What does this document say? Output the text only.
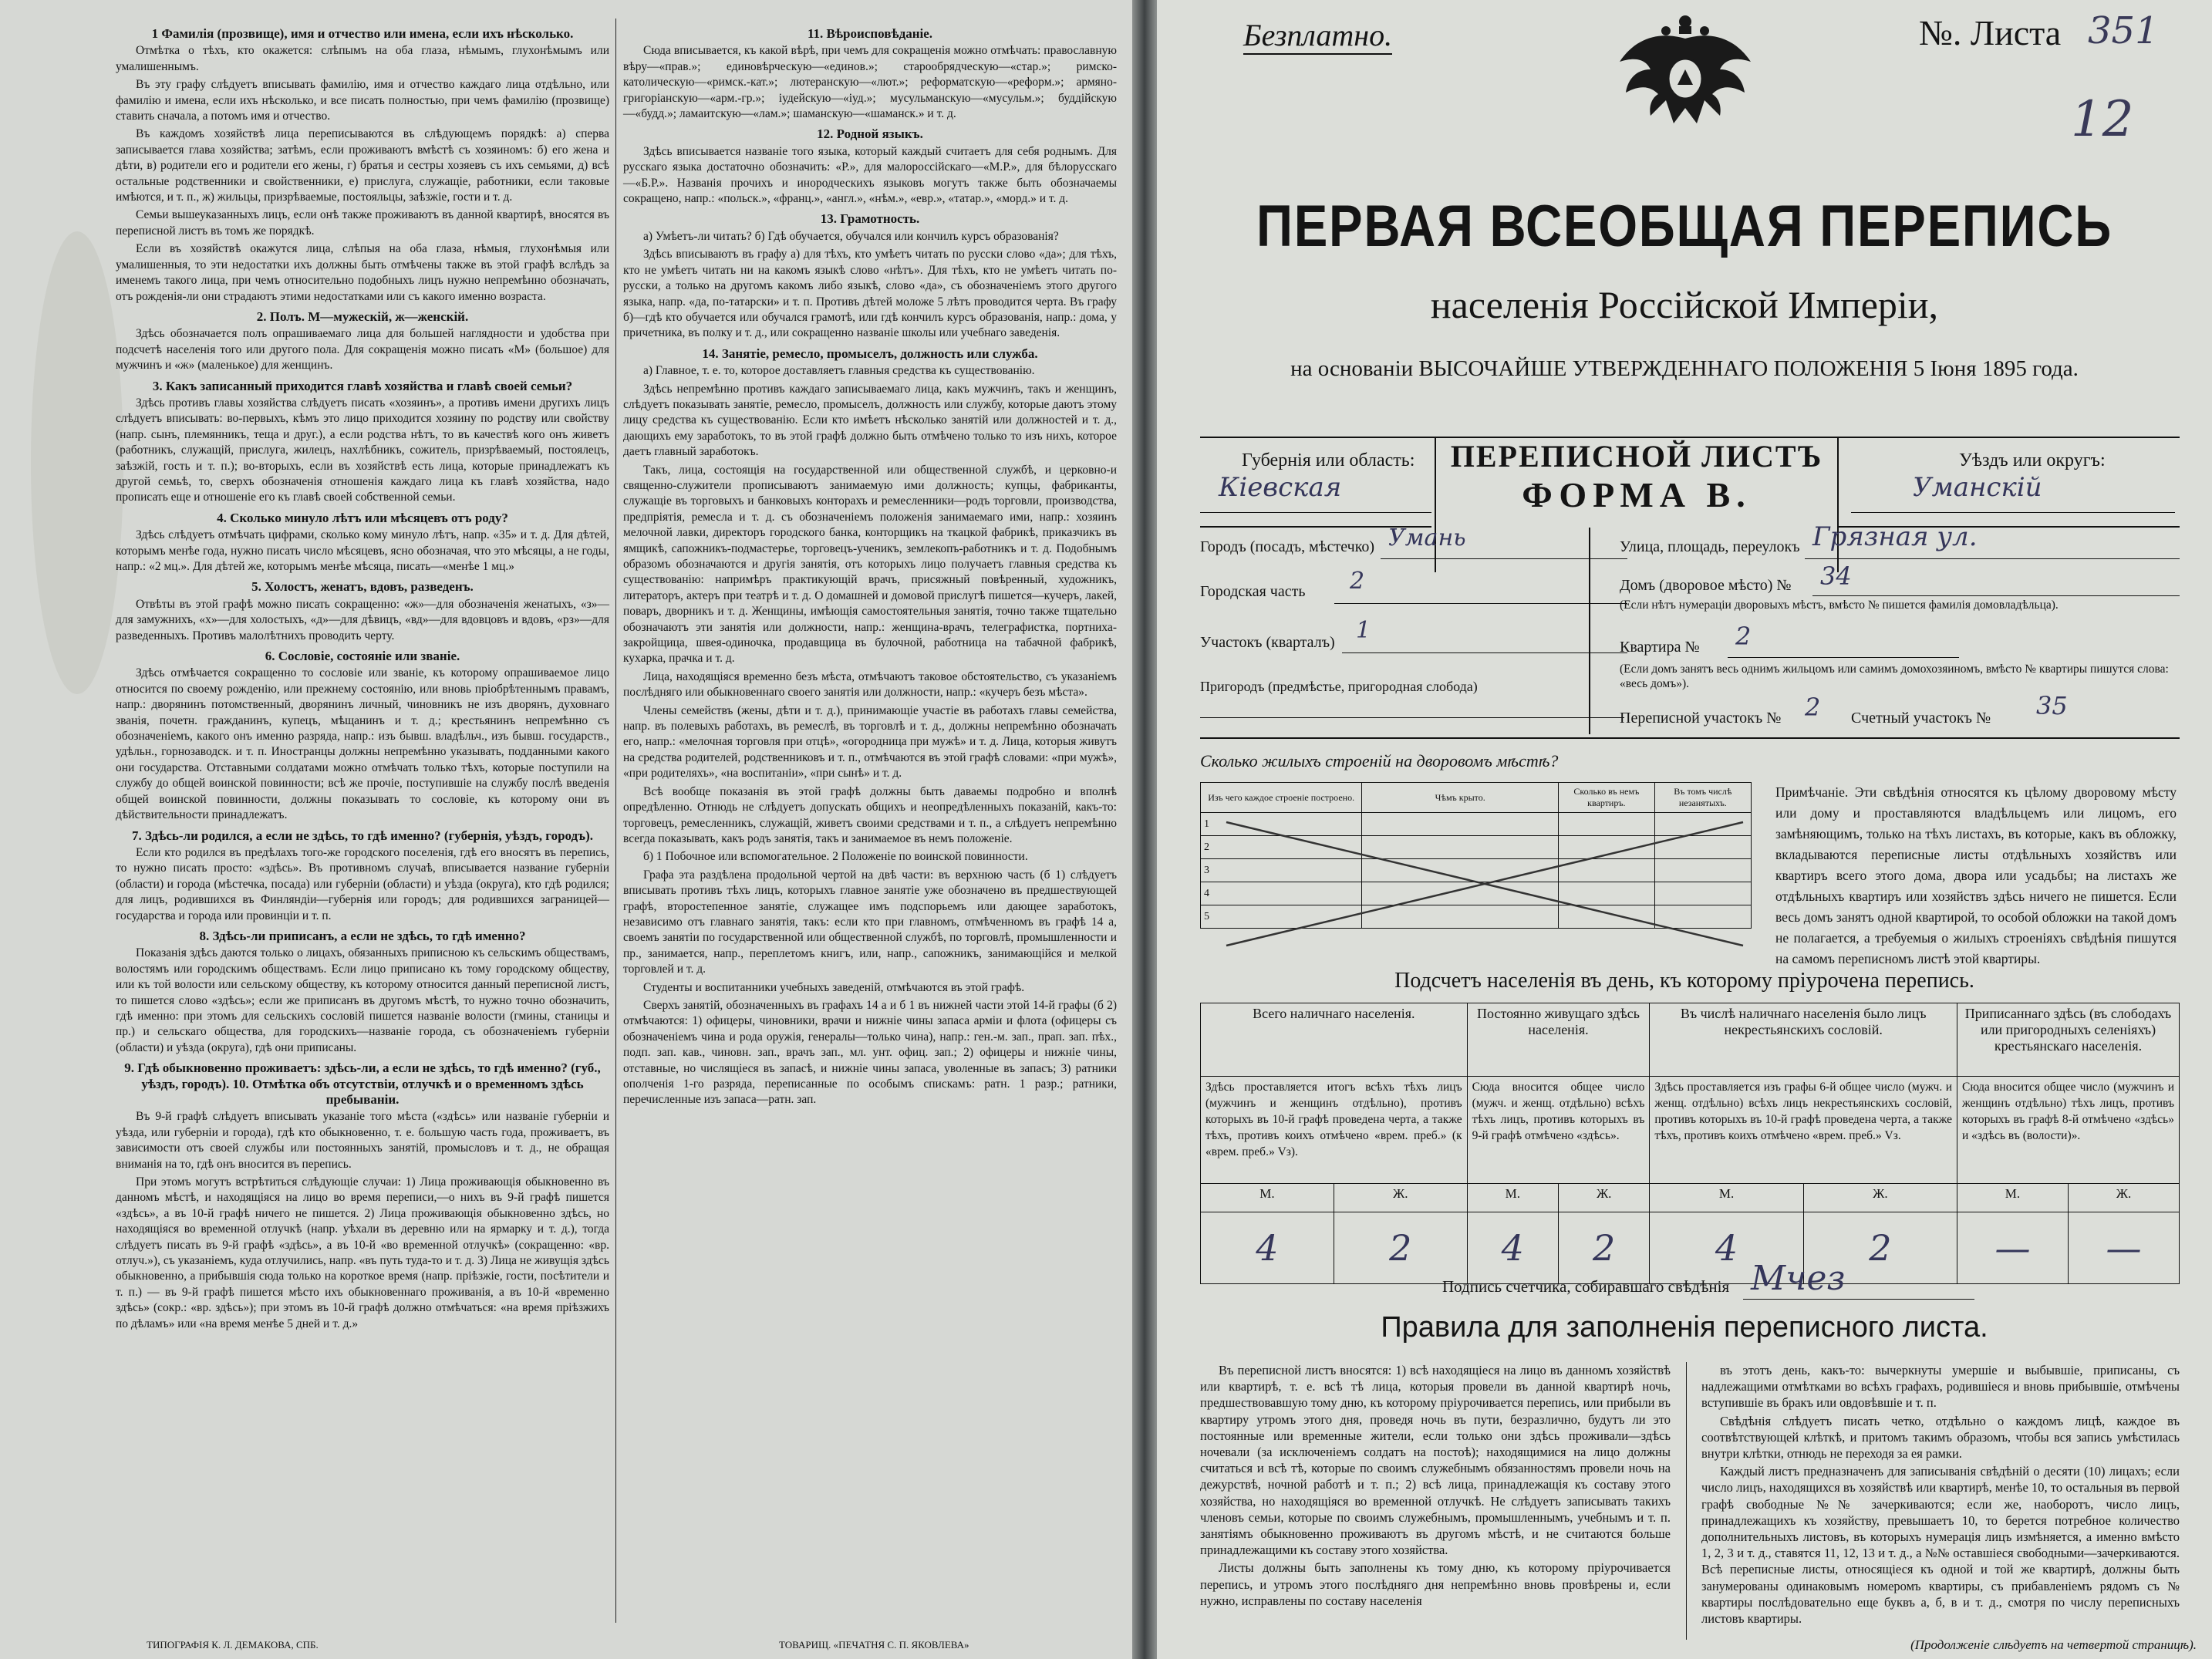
1 Фамилія (прозвище), имя и отчество или имена, если ихъ нѣсколько.

Отмѣтка о тѣхъ, кто окажется: слѣпымъ на оба глаза, нѣмымъ, глухонѣмымъ или умалишеннымъ.

Въ эту графу слѣдуетъ вписывать фамилію, имя и отчество каждаго лица отдѣльно, или фамилію и имена, если ихъ нѣсколько, и все писать полностью, при чемъ фамилію (прозвище) ставить сначала, а потомъ имя и отчество.

Въ каждомъ хозяйствѣ лица переписываются въ слѣдующемъ порядкѣ: а) сперва записывается глава хозяйства; затѣмъ, если проживаютъ вмѣстѣ съ хозяиномъ: б) его жена и дѣти, в) родители его и родители его жены, г) братья и сестры хозяевъ съ ихъ семьями, д) всѣ остальные родственники и свойственники, е) прислуга, служащіе, работники, если таковые имѣются, и т. п., ж) жильцы, призрѣваемые, постояльцы, заѣзжіе, гости и т. д.

Семьи вышеуказанныхъ лицъ, если онѣ также проживаютъ въ данной квартирѣ, вносятся въ переписной листъ въ томъ же порядкѣ.

Если въ хозяйствѣ окажутся лица, слѣпыя на оба глаза, нѣмыя, глухонѣмыя или умалишенныя, то эти недостатки ихъ должны быть отмѣчены также въ этой графѣ вслѣдъ за именемъ такого лица, при чемъ относительно подобныхъ лицъ нужно непремѣнно обозначать, отъ рожденія-ли они страдаютъ этими недостатками или съ какого именно возраста.

2. Полъ. М—мужескій, ж—женскій.

Здѣсь обозначается полъ опрашиваемаго лица для большей наглядности и удобства при подсчетѣ населенія того или другого пола. Для сокращенія можно писать «М» (большое) для мужчинъ и «ж» (маленькое) для женщинъ.

3. Какъ записанный приходится главѣ хозяйства и главѣ своей семьи?

Здѣсь противъ главы хозяйства слѣдуетъ писать «хозяинъ», а противъ имени другихъ лицъ слѣдуетъ вписывать: во-первыхъ, кѣмъ это лицо приходится хозяину по родству или свойству (напр. сынъ, племянникъ, теща и друг.), а если родства нѣтъ, то въ качествѣ кого онъ живетъ (работникъ, служащій, прислуга, жилецъ, нахлѣбникъ, сожитель, призрѣваемый, постоялецъ, заѣзжій, гость и т. п.); во-вторыхъ, если въ хозяйствѣ есть лица, которые принадлежатъ къ другой семьѣ, то, сверхъ обозначенія отношенія каждаго лица къ главѣ хозяйства, надо прописать еще и отношеніе его къ главѣ своей собственной семьи.

4. Сколько минуло лѣтъ или мѣсяцевъ отъ роду?

Здѣсь слѣдуетъ отмѣчать цифрами, сколько кому минуло лѣтъ, напр. «35» и т. д. Для дѣтей, которымъ менѣе года, нужно писать число мѣсяцевъ, ясно обозначая, что это мѣсяцы, а не годы, напр.: «2 мц.». Для дѣтей же, которымъ менѣе мѣсяца, писать—«менѣе 1 мц.»

5. Холостъ, женатъ, вдовъ, разведенъ.

Отвѣты въ этой графѣ можно писать сокращенно: «ж»—для обозначенія женатыхъ, «з»—для замужнихъ, «х»—для холостыхъ, «д»—для дѣвицъ, «вд»—для вдовцовъ и вдовъ, «рз»—для разведенныхъ. Противъ малолѣтнихъ проводить черту.

6. Сословіе, состояніе или званіе.

Здѣсь отмѣчается сокращенно то сословіе или званіе, къ которому опрашиваемое лицо относится по своему рожденію, или прежнему состоянію, или вновь пріобрѣтеннымъ правамъ, напр.: дворянинъ потомственный, дворянинъ личный, чиновникъ не изъ дворянъ, духовнаго званія, почетн. гражданинъ, купецъ, мѣщанинъ и т. д.; крестьянинъ непремѣнно съ обозначеніемъ, какого онъ именно разряда, напр.: изъ бывш. владѣльч., изъ бывш. государств., удѣльн., горнозаводск. и т. п. Иностранцы должны непремѣнно указывать, подданными какого они государства. Отставными солдатами можно отмѣчать только тѣхъ, которые поступили на службу до общей воинской повинности; всѣ же прочіе, поступившіе на службу послѣ введенія общей воинской повинности, должны показывать то сословіе, къ которому они въ дѣйствительности принадлежатъ.

7. Здѣсь-ли родился, а если не здѣсь, то гдѣ именно? (губернія, уѣздъ, городъ).

Если кто родился въ предѣлахъ того-же городского поселенія, гдѣ его вносятъ въ перепись, то нужно писать просто: «здѣсь». Въ противномъ случаѣ, вписывается название губерніи (области) и города (мѣстечка, посада) или губерніи (области) и уѣзда (округа), кто гдѣ родился; для лицъ, родившихся въ Финляндіи—губернія или городъ; для родившихся заграницей—государства и города или провинціи и т. п.

8. Здѣсь-ли приписанъ, а если не здѣсь, то гдѣ именно?

Показанія здѣсь даются только о лицахъ, обязанныхъ приписною къ сельскимъ обществамъ, волостямъ или городскимъ обществамъ. Если лицо приписано къ тому городскому обществу, или къ той волости или сельскому обществу, къ которому относится данный переписной листъ, то пишется слово «здѣсь»; если же приписанъ въ другомъ мѣстѣ, то нужно точно обозначить, гдѣ именно: при этомъ для сельскихъ сословій пишется названіе волости (гмины, станицы и пр.) и сельскаго общества, для городскихъ—названіе города, съ обозначеніемъ губерніи (области) и уѣзда (округа), гдѣ они приписаны.

9. Гдѣ обыкновенно проживаетъ: здѣсь-ли, а если не здѣсь, то гдѣ именно? (губ., уѣздъ, городъ). 10. Отмѣтка объ отсутствіи, отлучкѣ и о временномъ здѣсь пребываніи.

Въ 9-й графѣ слѣдуетъ вписывать указаніе того мѣста («здѣсь» или названіе губерніи и уѣзда, или губерніи и города), гдѣ кто обыкновенно, т. е. большую часть года, проживаетъ, въ зависимости отъ своей службы или постоянныхъ занятій, промысловъ и т. д., не обращая вниманія на то, гдѣ онъ вносится въ перепись.

При этомъ могутъ встрѣтиться слѣдующіе случаи: 1) Лица проживающія обыкновенно въ данномъ мѣстѣ, и находящіяся на лицо во время переписи,—о нихъ въ 9-й графѣ пишется «здѣсь», а въ 10-й графѣ ничего не пишется. 2) Лица проживающія обыкновенно здѣсь, но находящіяся во временной отлучкѣ (напр. уѣхали въ деревню или на ярмарку и т. д.), тогда слѣдуетъ писать въ 9-й графѣ «здѣсь», а въ 10-й «во временной отлучкѣ» (сокращенно: «вр. отлуч.»), съ указаніемъ, куда отлучились, напр. «въ путь туда-то и т. д. 3) Лица не живущія здѣсь обыкновенно, а прибывшія сюда только на короткое время (напр. пріѣзжіе, гости, посѣтители и т. п.) — въ 9-й графѣ пишется мѣсто ихъ обыкновеннаго проживанія, а въ 10-й «временно здѣсь» (сокр.: «вр. здѣсь»); при этомъ въ 10-й графѣ должно отмѣчаться: «на время пріѣзжихъ по дѣламъ» или «на время менѣе 5 дней и т. д.»

11. Вѣроисповѣданіе.

Сюда вписывается, къ какой вѣрѣ, при чемъ для сокращенія можно отмѣчать: православную вѣру—«прав.»; единовѣрческую—«единов.»; старообрядческую—«стар.»; римско-католическую—«римск.-кат.»; лютеранскую—«лют.»; реформатскую—«реформ.»; армяно-григоріанскую—«арм.-гр.»; іудейскую—«іуд.»; мусульманскую—«мусульм.»; буддійскую—«будд.»; ламаитскую—«лам.»; шаманскую—«шаманск.» и т. д.

12. Родной языкъ.

Здѣсь вписывается названіе того языка, который каждый считаетъ для себя роднымъ. Для русскаго языка достаточно обозначить: «Р.», для малороссійскаго—«М.Р.», для бѣлорусскаго—«Б.Р.». Названія прочихъ и инородческихъ языковъ могутъ также быть обозначаемы сокращено, напр.: «польск.», «франц.», «англ.», «нѣм.», «евр.», «татар.», «морд.» и т. д.

13. Грамотность.

а) Умѣетъ-ли читать? б) Гдѣ обучается, обучался или кончилъ курсъ образованія?

Здѣсь вписываютъ въ графу а) для тѣхъ, кто умѣетъ читать по русски слово «да»; для тѣхъ, кто не умѣетъ читать ни на какомъ языкѣ слово «нѣтъ». Для тѣхъ, кто не умѣетъ читать по-русски, а только на другомъ какомъ либо языкѣ, слово «да», съ обозначеніемъ этого другого языка, напр. «да, по-татарски» и т. п. Противъ дѣтей моложе 5 лѣтъ проводится черта. Въ графу б)—гдѣ кто обучается или обучался грамотѣ, или гдѣ кончилъ курсъ образованія, напр.: дома, у причетника, въ полку и т. д., или сокращенно названіе школы или учебнаго заведенія.

14. Занятіе, ремесло, промыселъ, должность или служба.

а) Главное, т. е. то, которое доставляетъ главныя средства къ существованію.

Здѣсь непремѣнно противъ каждаго записываемаго лица, какъ мужчинъ, такъ и женщинъ, слѣдуетъ показывать занятіе, ремесло, промыселъ, должность или службу, которые даютъ этому лицу средства къ существованію. Если кто имѣетъ нѣсколько занятій или должностей и т. д., дающихъ ему заработокъ, то въ этой графѣ должно быть отмѣчено только то изъ нихъ, которое даетъ главный заработокъ.

Такъ, лица, состоящія на государственной или общественной службѣ, и церковно-и священно-служители прописываютъ занимаемую ими должность; купцы, фабриканты, служащіе въ торговыхъ и банковыхъ конторахъ и ремесленники—родъ торговли, производства, предпріятія, ремесла и т. д. съ обозначеніемъ положенія занимаемаго ими, напр.: хозяинъ мелочной лавки, директоръ городского банка, конторщикъ на ткацкой фабрикѣ, приказчикъ въ ямщикѣ, сапожникъ-подмастерье, торговецъ-ученикъ, землекопъ-работникъ и т. д. Подобнымъ образомъ обозначаются и другія занятія, отъ которыхъ лицо получаетъ главныя средства къ существованію: напримѣръ практикующій врачъ, присяжный повѣренный, художникъ, литераторъ, актеръ при театрѣ и т. д. О домашней и домовой прислугѣ пишется—кучеръ, лакей, поваръ, дворникъ и т. д. Женщины, имѣющія самостоятельныя занятія, точно также тщательно обозначаютъ эти занятія или должности, напр.: женщина-врачъ, телеграфистка, портниха-закройщица, швея-одиночка, продавщица въ булочной, работница на табачной фабрикѣ, кухарка, прачка и т. д.

Лица, находящіяся временно безъ мѣста, отмѣчаютъ таковое обстоятельство, съ указаніемъ послѣдняго или обыкновеннаго своего занятія или должности, напр.: «кучеръ безъ мѣста».

Члены семействъ (жены, дѣти и т. д.), принимающіе участіе въ работахъ главы семейства, напр. въ полевыхъ работахъ, въ ремеслѣ, въ торговлѣ и т. д., должны непремѣнно обозначать его, напр.: «мелочная торговля при отцѣ», «огородница при мужѣ» и т. д. Лица, которыя живутъ на средства родителей, родственниковъ и т. п., отмѣчаются въ этой графѣ словами: «при мужѣ», «при родителяхъ», «на воспитаніи», «при сынѣ» и т. д.

Всѣ вообще показанія въ этой графѣ должны быть даваемы подробно и вполнѣ опредѣленно. Отнюдь не слѣдуетъ допускать общихъ и неопредѣленныхъ показаній, какъ-то: торговецъ, ремесленникъ, служащій, живетъ своими средствами и т. п., а слѣдуетъ непремѣнно всегда показывать, какъ родъ занятія, такъ и занимаемое въ немъ положеніе.

б) 1 Побочное или вспомогательное. 2 Положеніе по воинской повинности.

Графа эта раздѣлена продольной чертой на двѣ части: въ верхнюю часть (б 1) слѣдуетъ вписывать противъ тѣхъ лицъ, которыхъ главное занятіе уже обозначено въ предшествующей графѣ, второстепенное занятіе, служащее имъ подспорьемъ или дающее заработокъ, независимо отъ главнаго занятія, такъ: если кто при главномъ, отмѣченномъ въ графѣ 14 а, своемъ занятіи по государственной или общественной службѣ, по торговлѣ, промышленности и пр., занимается, напр., переплетомъ книгъ, или, напр., сапожникъ, занимающійся и мелкой торговлей и т. д.

Студенты и воспитанники учебныхъ заведеній, отмѣчаются въ этой графѣ.

Сверхъ занятій, обозначенныхъ въ графахъ 14 а и б 1 въ нижней части этой 14-й графы (б 2) отмѣчаются: 1) офицеры, чиновники, врачи и нижніе чины запаса арміи и флота (офицеры съ обозначеніемъ чина и рода оружія, генералы—только чина), напр.: ген.-м. зап., прап. зап. пѣх., подп. зап. кав., чиновн. зап., врачъ зап., мл. унт. офиц. зап.; 2) офицеры и нижніе чины, отставные, но числящіеся въ запасѣ, и нижніе чины запаса, уволенные въ запасъ; 3) ратники ополченія 1-го разряда, переписанные по особымъ спискамъ: ратн. 1 разр.; ратники, перечисленные изъ запаса—ратн. зап.

ТИПОГРАФІЯ К. Л. ДЕМАКОВА, СПБ.	ТОВАРИЩ. «ПЕЧАТНЯ С. П. ЯКОВЛЕВА»
Безплатно.	№. Листа 351
12
ПЕРВАЯ ВСЕОБЩАЯ ПЕРЕПИСЬ
населенія Россійской Имперіи,
на основаніи ВЫСОЧАЙШЕ УТВЕРЖДЕННАГО ПОЛОЖЕНІЯ 5 Іюня 1895 года.
Губернія или область:
Кіевская
ПЕРЕПИСНОЙ ЛИСТЪ
ФОРМА В.
Уѣздъ или округъ:
Уманскій
Городъ (посадъ, мѣстечко) Умань
Городская часть 2
Участокъ (кварталъ) 1
Пригородъ (предмѣстье, пригородная слобода)
Улица, площадь, переулокъ Грязная ул.
Домъ (дворовое мѣсто) № 34
(Если нѣтъ нумераціи дворовыхъ мѣстъ, вмѣсто № пишется фамилія домовладѣльца).
Квартира № 2
(Если домъ занятъ весь однимъ жильцомъ или самимъ домохозяиномъ, вмѣсто № квартиры пишутся слова: «весь домъ»).
Переписной участокъ № 2 Счетный участокъ № 35
Сколько жилыхъ строеній на дворовомъ мѣстѣ?
Изъ чего каждое строеніе построено.	Чѣмъ крыто.	Сколько въ немъ квартиръ.	Въ томъ числѣ незанятыхъ.
1			
2			
3			
4			
5			
Примѣчаніе. Эти свѣдѣнія относятся къ цѣлому дворовому мѣсту или дому и проставляются владѣльцемъ или лицомъ, его замѣняющимъ, только на тѣхъ листахъ, въ которые, какъ въ обложку, вкладываются переписные листы отдѣльныхъ хозяйствъ или квартиръ всего этого дома, двора или усадьбы; на листахъ же отдѣльныхъ квартиръ или хозяйствъ здѣсь ничего не пишется. Если весь домъ занятъ одной квартирой, то особой обложки на такой домъ не полагается, а требуемыя о жилыхъ строеніяхъ свѣдѣнія пишутся на самомъ переписномъ листѣ этой квартиры.
Подсчетъ населенія въ день, къ которому пріурочена перепись.
Всего наличнаго населенія.		Постоянно живущаго здѣсь населенія.		Въ числѣ наличнаго населенія было лицъ некрестьянскихъ сословій.		Приписаннаго здѣсь (въ слободахъ или пригородныхъ селеніяхъ) крестьянскаго населенія.	
Здѣсь проставляется итогъ всѣхъ тѣхъ лицъ (мужчинъ и женщинъ отдѣльно), противъ которыхъ въ 10-й графѣ проведена черта, а также тѣхъ, противъ коихъ отмѣчено «врем. преб.» (к «врем. преб.» Vз).		Сюда вносится общее число (мужч. и женщ. отдѣльно) всѣхъ тѣхъ лицъ, противъ которыхъ въ 9-й графѣ отмѣчено «здѣсь».		Здѣсь проставляется изъ графы 6-й общее число (мужч. и женщ. отдѣльно) всѣхъ лицъ некрестьянскихъ сословій, противъ которыхъ въ 10-й графѣ проведена черта, а также тѣхъ, противъ коихъ отмѣчено «врем. преб.» Vз.		Сюда вносится общее число (мужчинъ и женщинъ отдѣльно) тѣхъ лицъ, противъ которыхъ въ графѣ 8-й отмѣчено «здѣсь» и «здѣсь въ (волости)».	
М.	Ж.	М.	Ж.	М.	Ж.	М.	Ж.
4	2	4	2	4	2	—	—
Подпись счетчика, собиравшаго свѣдѣнія Мчез
Правила для заполненія переписного листа.

Въ переписной листъ вносятся: 1) всѣ находящіеся на лицо въ данномъ хозяйствѣ или квартирѣ, т. е. всѣ тѣ лица, которыя провели въ данной квартирѣ ночь, предшествовавшую тому дню, къ которому пріурочивается перепись, или прибыли въ квартиру утромъ этого дня, проведя ночь въ пути, безразлично, будутъ ли это постоянные или временные жители, если только они здѣсь проживали—здѣсь ночевали (за исключеніемъ солдатъ на постоѣ); находящимися на лицо должны считаться и всѣ тѣ, которые по своимъ служебнымъ обязанностямъ провели ночь на дежурствѣ, ночной работѣ и т. п.; 2) всѣ лица, принадлежащія къ составу этого хозяйства, но находящіяся во временной отлучкѣ. Не слѣдуетъ записывать такихъ членовъ семьи, которые по своимъ служебнымъ, промышленнымъ, учебнымъ и т. п. занятіямъ обыкновенно проживаютъ въ другомъ мѣстѣ, и не считаются больше принадлежащими къ составу этого хозяйства.

Листы должны быть заполнены къ тому дню, къ которому пріурочивается перепись, и утромъ этого послѣдняго дня непремѣнно вновь провѣрены и, если нужно, исправлены по составу населенія

въ этотъ день, какъ-то: вычеркнуты умершіе и выбывшіе, приписаны, съ надлежащими отмѣтками во всѣхъ графахъ, родившіеся и вновь прибывшіе, отмѣчены вступившіе въ бракъ или овдовѣвшіе и т. п.

Свѣдѣнія слѣдуетъ писать четко, отдѣльно о каждомъ лицѣ, каждое въ соотвѣтствующей клѣткѣ, и притомъ такимъ образомъ, чтобы вся запись умѣстилась внутри клѣтки, отнюдь не переходя за ея рамки.

Каждый листъ предназначенъ для записыванія свѣдѣній о десяти (10) лицахъ; если число лицъ, находящихся въ хозяйствѣ или квартирѣ, менѣе 10, то остальныя въ первой графѣ свободные №№ зачеркиваются; если же, наоборотъ, число лицъ, принадлежащихъ къ хозяйству, превышаетъ 10, то берется потребное количество дополнительныхъ листовъ, въ которыхъ нумерація лицъ измѣняется, а именно вмѣсто 1, 2, 3 и т. д., ставятся 11, 12, 13 и т. д., а №№ оставшіеся свободными—зачеркиваются. Всѣ переписные листы, относящіеся къ одной и той же квартирѣ, должны быть занумерованы одинаковымъ номеромъ квартиры, съ прибавленіемъ рядомъ съ № квартиры послѣдовательно еще буквъ а, б, в и т. д., смотря по числу переписныхъ листовъ квартиры.

(Продолженіе слѣдуетъ на четвертой страницѣ).
